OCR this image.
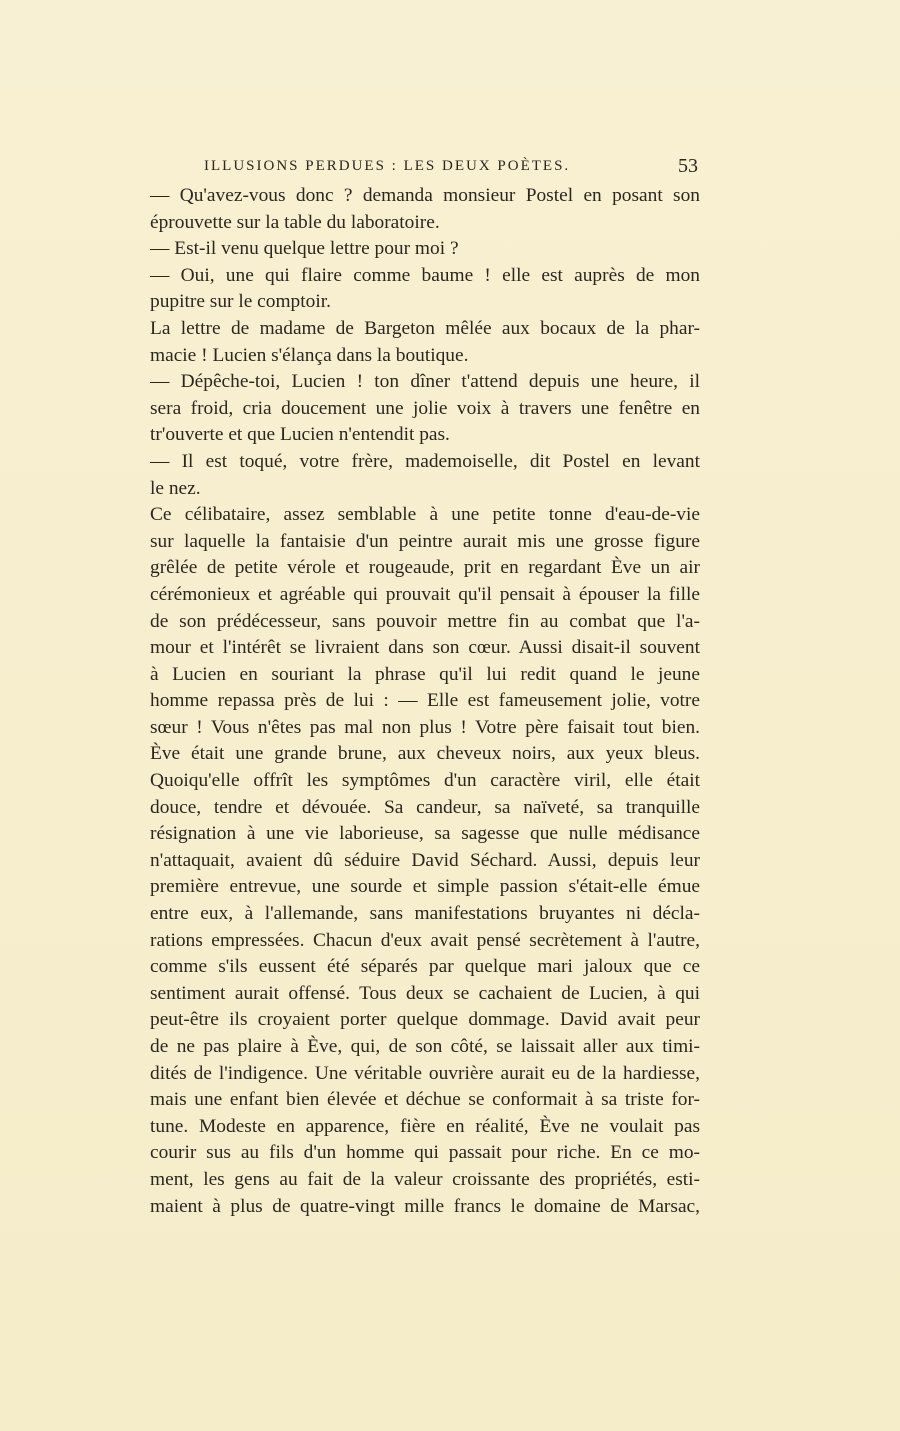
ILLUSIONS PERDUES : LES DEUX POÈTES.	53
— Qu'avez-vous donc ? demanda monsieur Postel en posant son
éprouvette sur la table du laboratoire.
— Est-il venu quelque lettre pour moi ?
— Oui, une qui flaire comme baume ! elle est auprès de mon
pupitre sur le comptoir.
La lettre de madame de Bargeton mêlée aux bocaux de la phar-
macie ! Lucien s'élança dans la boutique.
— Dépêche-toi, Lucien ! ton dîner t'attend depuis une heure, il
sera froid, cria doucement une jolie voix à travers une fenêtre en
tr'ouverte et que Lucien n'entendit pas.
— Il est toqué, votre frère, mademoiselle, dit Postel en levant
le nez.
Ce célibataire, assez semblable à une petite tonne d'eau-de-vie
sur laquelle la fantaisie d'un peintre aurait mis une grosse figure
grêlée de petite vérole et rougeaude, prit en regardant Ève un air
cérémonieux et agréable qui prouvait qu'il pensait à épouser la fille
de son prédécesseur, sans pouvoir mettre fin au combat que l'a-
mour et l'intérêt se livraient dans son cœur. Aussi disait-il souvent
à Lucien en souriant la phrase qu'il lui redit quand le jeune
homme repassa près de lui : — Elle est fameusement jolie, votre
sœur ! Vous n'êtes pas mal non plus ! Votre père faisait tout bien.
Ève était une grande brune, aux cheveux noirs, aux yeux bleus.
Quoiqu'elle offrît les symptômes d'un caractère viril, elle était
douce, tendre et dévouée. Sa candeur, sa naïveté, sa tranquille
résignation à une vie laborieuse, sa sagesse que nulle médisance
n'attaquait, avaient dû séduire David Séchard. Aussi, depuis leur
première entrevue, une sourde et simple passion s'était-elle émue
entre eux, à l'allemande, sans manifestations bruyantes ni décla-
rations empressées. Chacun d'eux avait pensé secrètement à l'autre,
comme s'ils eussent été séparés par quelque mari jaloux que ce
sentiment aurait offensé. Tous deux se cachaient de Lucien, à qui
peut-être ils croyaient porter quelque dommage. David avait peur
de ne pas plaire à Ève, qui, de son côté, se laissait aller aux timi-
dités de l'indigence. Une véritable ouvrière aurait eu de la hardiesse,
mais une enfant bien élevée et déchue se conformait à sa triste for-
tune. Modeste en apparence, fière en réalité, Ève ne voulait pas
courir sus au fils d'un homme qui passait pour riche. En ce mo-
ment, les gens au fait de la valeur croissante des propriétés, esti-
maient à plus de quatre-vingt mille francs le domaine de Marsac,
